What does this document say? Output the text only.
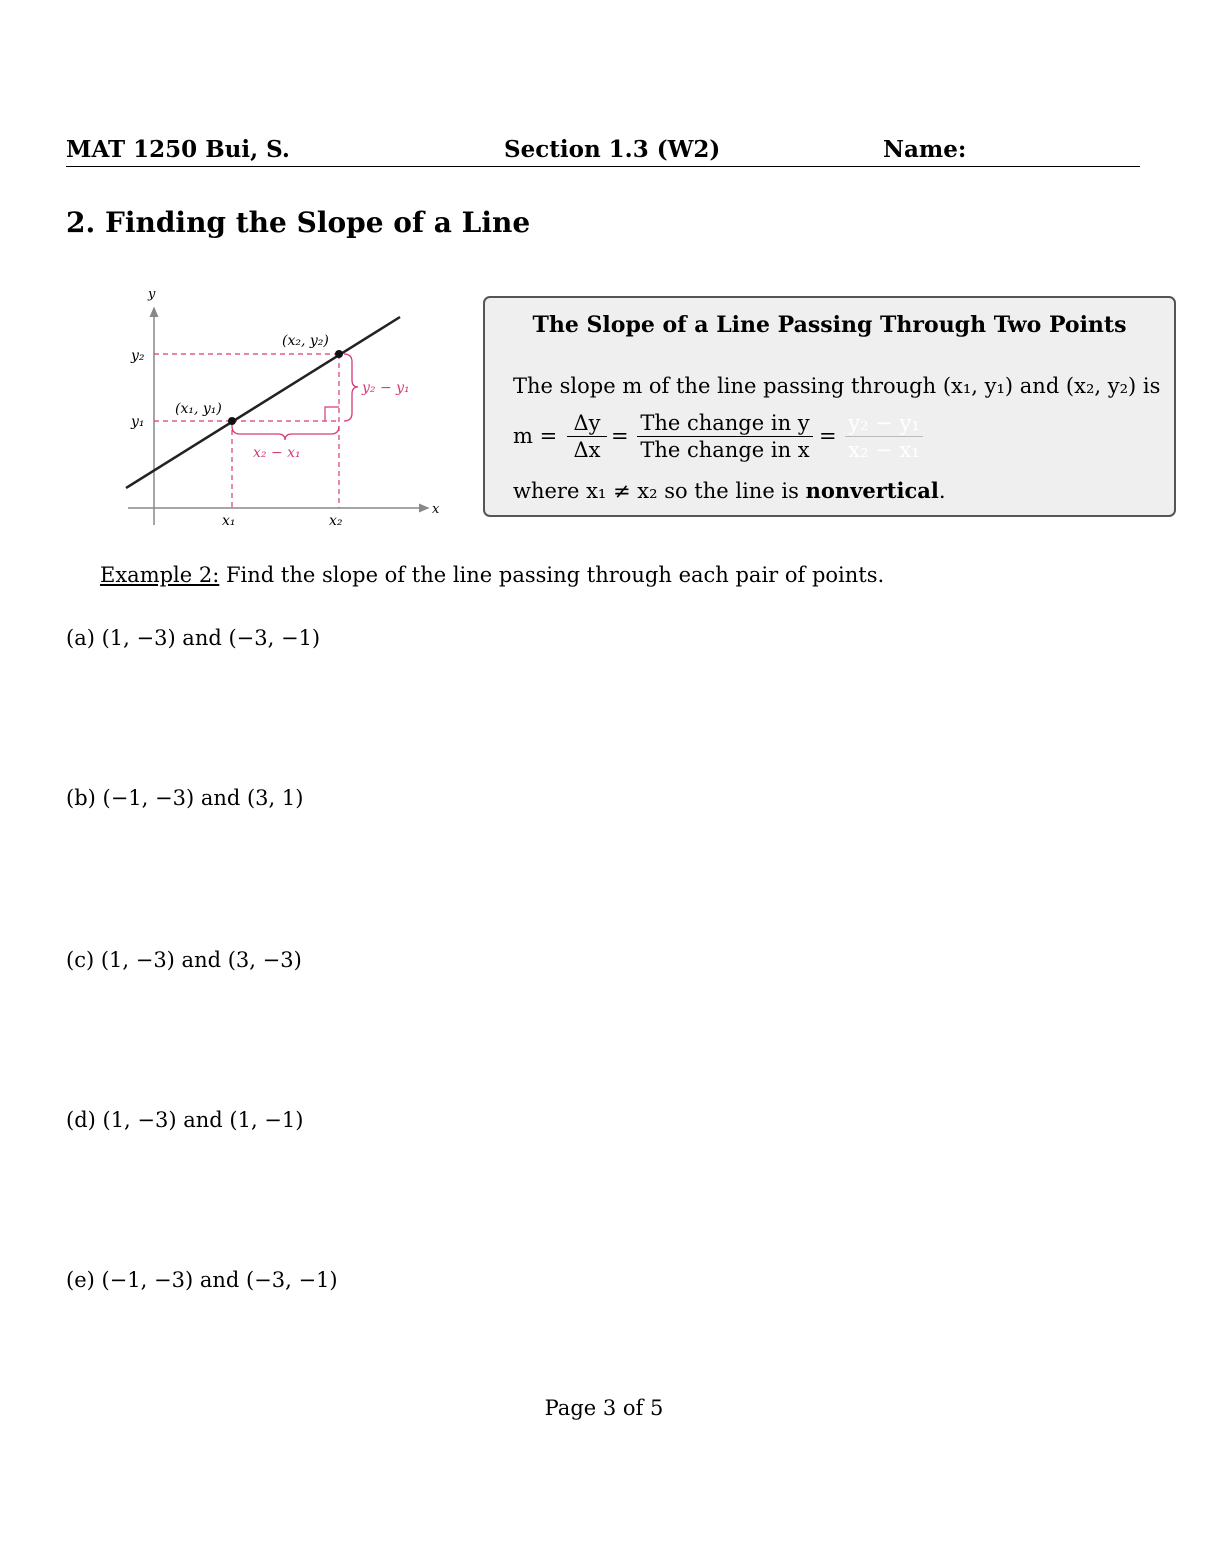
MAT 1250 Bui, S.	Section 1.3 (W2)	Name:
2. Finding the Slope of a Line
x
y
(x₁, y₁)
(x₂, y₂)
y₂
y₁
x₁	x₂
y₂ − y₁
x₂ − x₁
The Slope of a Line Passing Through Two Points
The slope m of the line passing through (x₁, y₁) and (x₂, y₂) is
$m = \frac{\Delta y}{\Delta x}$ =
The change in y
The change in x
= $\frac{\text{y₂ − y₁}}{\text{x₂ − x₁}}$
where x₁ ≠ x₂ so the line is nonvertical.
Example 2: Find the slope of the line passing through each pair of points.
(a) (1, −3) and (−3, −1)
(b) (−1, −3) and (3, 1)
(c) (1, −3) and (3, −3)
(d) (1, −3) and (1, −1)
(e) (−1, −3) and (−3, −1)
Page 3 of 5
